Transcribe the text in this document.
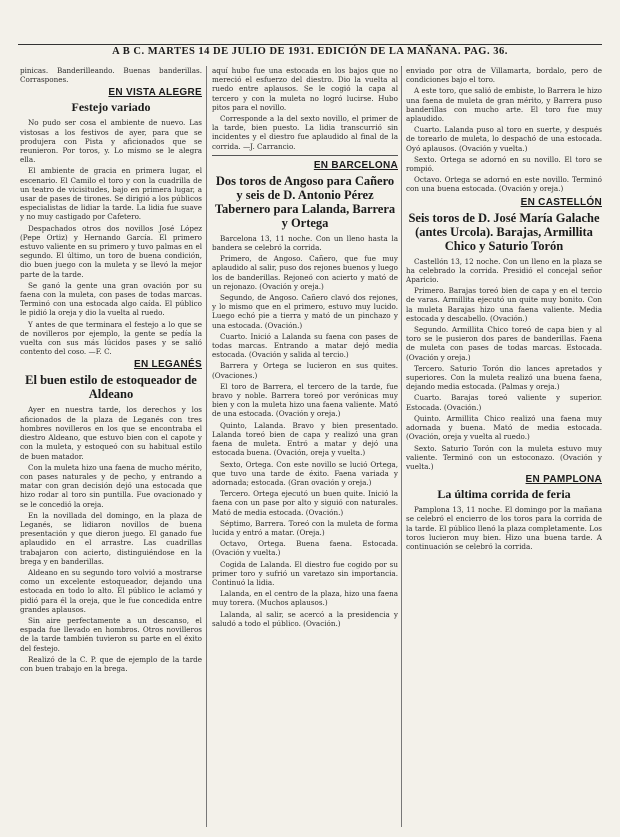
A B C. MARTES 14 DE JULIO DE 1931. EDICIÓN DE LA MAÑANA. PAG. 36.

pinicas. Banderilleando. Buenas banderillas. Corraspones.

EN VISTA ALEGRE
Festejo variado

No pudo ser cosa el ambiente de nuevo. Las vistosas a los festivos de ayer, para que se produjera con Pista y aficionados que se reunieron. Por toros, y. Lo mismo se le alegra ella.

El ambiente de gracia en primera lugar, el escenario. El Camilo el toro y con la cuadrilla de un teatro de vicisitudes, bajo en primera lugar, a usar de pases de tirones. Se dirigió a los públicos especialistas de lidiar la tarde. La lidia fue suave y no muy castigado por Cafetero.

Despachados otros dos novillos José López (Pepe Ortiz) y Hernando García. El primero estuvo valiente en su primero y tuvo palmas en el segundo. El último, un toro de buena condición, dio buen juego con la muleta y se llevó la mejor parte de la tarde.

Se ganó la gente una gran ovación por su faena con la muleta, con pases de todas marcas. Terminó con una estocada algo caída. El público le pidió la oreja y dio la vuelta al ruedo.

Y antes de que terminara el festejo a lo que se de novilleros por ejemplo, la gente se pedía la vuelta con sus más lúcidos pases y se salió contento del coso. —F. C.

EN LEGANÉS
El buen estilo de estoqueador de Aldeano

Ayer en nuestra tarde, los derechos y los aficionados de la plaza de Leganés con tres hombres novilleros en los que se encontraba el diestro Aldeano, que estuvo bien con el capote y con la muleta, y estoqueó con su habitual estilo de buen matador.

Con la muleta hizo una faena de mucho mérito, con pases naturales y de pecho, y entrando a matar con gran decisión dejó una estocada que hizo rodar al toro sin puntilla. Fue ovacionado y se le concedió la oreja.

En la novillada del domingo, en la plaza de Leganés, se lidiaron novillos de buena presentación y que dieron juego. El ganado fue aplaudido en el arrastre. Las cuadrillas trabajaron con acierto, distinguiéndose en la brega y en banderillas.

Aldeano en su segundo toro volvió a mostrarse como un excelente estoqueador, dejando una estocada en todo lo alto. El público le aclamó y pidió para él la oreja, que le fue concedida entre grandes aplausos.

Sin aire perfectamente a un descanso, el espada fue llevado en hombros. Otros novilleros de la tarde también tuvieron su parte en el éxito del festejo.

Realizó de la C. P. que de ejemplo de la tarde con buen trabajo en la brega.

aquí hubo fue una estocada en los bajos que no mereció el esfuerzo del diestro. Dio la vuelta al ruedo entre aplausos. Se le cogió la capa al tercero y con la muleta no logró lucirse. Hubo pitos para el novillo.

Corresponde a la del sexto novillo, el primer de la tarde, bien puesto. La lidia transcurrió sin incidentes y el diestro fue aplaudido al final de la corrida. —J. Carrancio.

EN BARCELONA
Dos toros de Angoso para Cañero y seis de D. Antonio Pérez Tabernero para Lalanda, Barrera y Ortega

Barcelona 13, 11 noche. Con un lleno hasta la bandera se celebró la corrida.

Primero, de Angoso. Cañero, que fue muy aplaudido al salir, puso dos rejones buenos y luego los de banderillas. Rejoneó con acierto y mató de un rejonazo. (Ovación y oreja.)

Segundo, de Angoso. Cañero clavó dos rejones, y lo mismo que en el primero, estuvo muy lucido. Luego echó pie a tierra y mató de un pinchazo y una estocada. (Ovación.)

Cuarto. Inició a Lalanda su faena con pases de todas marcas. Entrando a matar dejó media estocada. (Ovación y salida al tercio.)

Barrera y Ortega se lucieron en sus quites. (Ovaciones.)

El toro de Barrera, el tercero de la tarde, fue bravo y noble. Barrera toreó por verónicas muy bien y con la muleta hizo una faena valiente. Mató de una estocada. (Ovación y oreja.)

Quinto, Lalanda. Bravo y bien presentado. Lalanda toreó bien de capa y realizó una gran faena de muleta. Entró a matar y dejó una estocada buena. (Ovación, oreja y vuelta.)

Sexto, Ortega. Con este novillo se lució Ortega, que tuvo una tarde de éxito. Faena variada y adornada; estocada. (Gran ovación y oreja.)

Tercero. Ortega ejecutó un buen quite. Inició la faena con un pase por alto y siguió con naturales. Mató de media estocada. (Ovación.)

Séptimo, Barrera. Toreó con la muleta de forma lucida y entró a matar. (Oreja.)

Octavo, Ortega. Buena faena. Estocada. (Ovación y vuelta.)

Cogida de Lalanda. El diestro fue cogido por su primer toro y sufrió un varetazo sin importancia. Continuó la lidia.

Lalanda, en el centro de la plaza, hizo una faena muy torera. (Muchos aplausos.)

Lalanda, al salir, se acercó a la presidencia y saludó a todo el público. (Ovación.)

enviado por otra de Villamarta, bordalo, pero de condiciones bajo el toro.

A este toro, que salió de embiste, lo Barrera le hizo una faena de muleta de gran mérito, y Barrera puso banderillas con mucho arte. El toro fue muy aplaudido.

Cuarto. Lalanda puso al toro en suerte, y después de torearlo de muleta, lo despachó de una estocada. Oyó aplausos. (Ovación y vuelta.)

Sexto. Ortega se adornó en su novillo. El toro se rompió.

Octavo. Ortega se adornó en este novillo. Terminó con una buena estocada. (Ovación y oreja.)

EN CASTELLÓN
Seis toros de D. José María Galache (antes Urcola). Barajas, Armillita Chico y Saturio Torón

Castellón 13, 12 noche. Con un lleno en la plaza se ha celebrado la corrida. Presidió el concejal señor Aparicio.

Primero. Barajas toreó bien de capa y en el tercio de varas. Armillita ejecutó un quite muy bonito. Con la muleta Barajas hizo una faena valiente. Media estocada y descabello. (Ovación.)

Segundo. Armillita Chico toreó de capa bien y al toro se le pusieron dos pares de banderillas. Faena de muleta con pases de todas marcas. Estocada. (Ovación y oreja.)

Tercero. Saturio Torón dio lances apretados y superiores. Con la muleta realizó una buena faena, dejando media estocada. (Palmas y oreja.)

Cuarto. Barajas toreó valiente y superior. Estocada. (Ovación.)

Quinto. Armillita Chico realizó una faena muy adornada y buena. Mató de media estocada. (Ovación, oreja y vuelta al ruedo.)

Sexto. Saturio Torón con la muleta estuvo muy valiente. Terminó con un estoconazo. (Ovación y vuelta.)

EN PAMPLONA
La última corrida de feria

Pamplona 13, 11 noche. El domingo por la mañana se celebró el encierro de los toros para la corrida de la tarde. El público llenó la plaza completamente. Los toros lucieron muy bien. Hizo una buena tarde. A continuación se celebró la corrida.
